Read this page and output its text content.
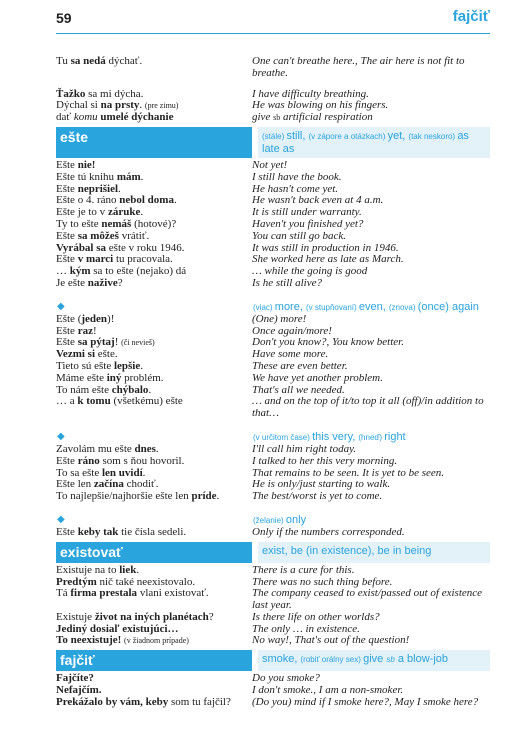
59	fajčiť
Tu sa nedá dýchať.	One can't breathe here., The air here is not fit to breathe.
Ťažko sa mi dýcha.	I have difficulty breathing.
Dýchal si na prsty. (pre zimu)	He was blowing on his fingers.
dať komu umelé dýchanie	give sb artificial respiration
ešte	(stále) still, (v zápore a otázkach) yet, (tak neskoro) as late as
Ešte nie!	Not yet!
Ešte tú knihu mám.	I still have the book.
Ešte neprišiel.	He hasn't come yet.
Ešte o 4. ráno nebol doma.	He wasn't back even at 4 a.m.
Ešte je to v záruke.	It is still under warranty.
Ty to ešte nemáš (hotové)?	Haven't you finished yet?
Ešte sa môžeš vrátiť.	You can still go back.
Vyrábal sa ešte v roku 1946.	It was still in production in 1946.
Ešte v marci tu pracovala.	She worked here as late as March.
… kým sa to ešte (nejako) dá	… while the going is good
Je ešte nažive?	Is he still alive?
◆	(viac) more, (v stupňovaní) even, (znova) (once) again
Ešte (jeden)!	(One) more!
Ešte raz!	Once again/more!
Ešte sa pýtaj! (či nevieš)	Don't you know?, You know better.
Vezmi si ešte.	Have some more.
Tieto sú ešte lepšie.	These are even better.
Máme ešte iný problém.	We have yet another problem.
To nám ešte chýbalo.	That's all we needed.
… a k tomu (všetkému) ešte	… and on the top of it/to top it all (off)/in addition to that…
◆	(v určitom čase) this very, (hneď) right
Zavolám mu ešte dnes.	I'll call him right today.
Ešte ráno som s ňou hovoril.	I talked to her this very morning.
To sa ešte len uvidí.	That remains to be seen. It is yet to be seen.
Ešte len začína chodiť.	He is only/just starting to walk.
To najlepšie/najhoršie ešte len príde.	The best/worst is yet to come.
◆	(želanie) only
Ešte keby tak tie čísla sedeli.	Only if the numbers corresponded.
existovať	exist, be (in existence), be in being
Existuje na to liek.	There is a cure for this.
Predtým nič také neexistovalo.	There was no such thing before.
Tá firma prestala vlani existovať.	The company ceased to exist/passed out of existence last year.
Existuje život na iných planétach?	Is there life on other worlds?
Jediný dosiaľ existujúci…	The only … in existence.
To neexistuje! (v žiadnom prípade)	No way!, That's out of the question!
fajčiť	smoke, (robiť orálny sex) give sb a blow-job
Fajčíte?	Do you smoke?
Nefajčím.	I don't smoke., I am a non-smoker.
Prekážalo by vám, keby som tu fajčil?	(Do you) mind if I smoke here?, May I smoke here?
